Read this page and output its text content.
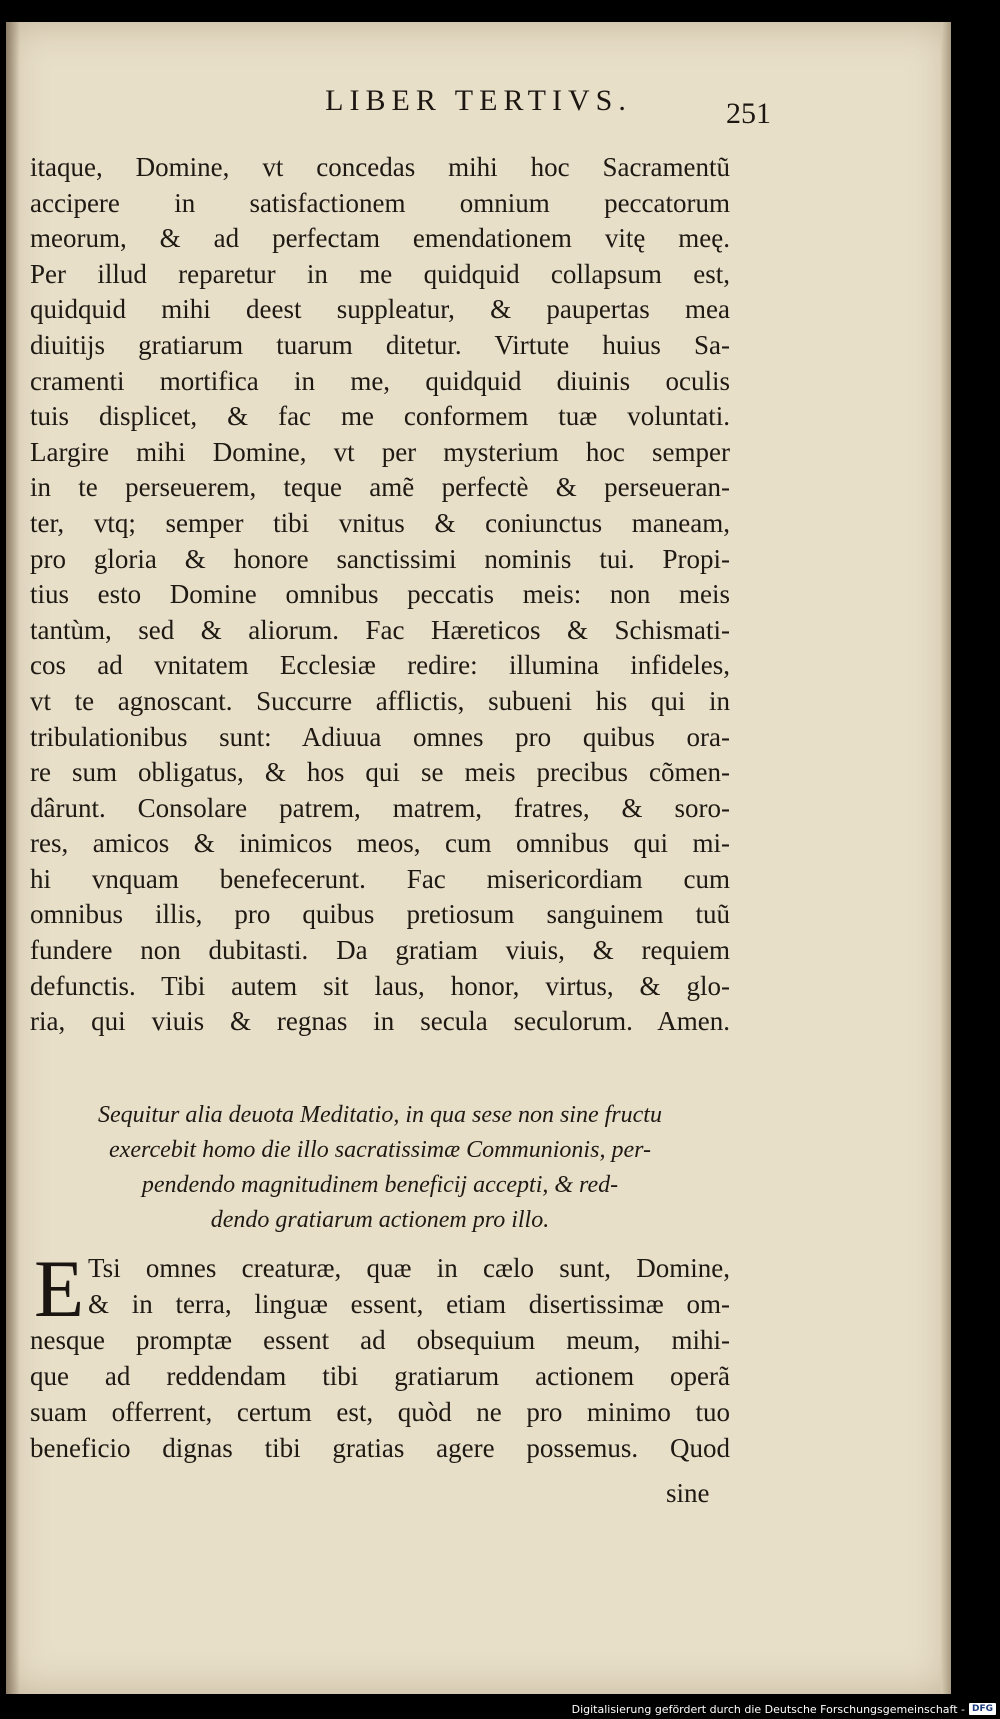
LIBER TERTIVS.	251
itaque, Domine, vt concedas mihi hoc Sacramentũ
accipere in satisfactionem omnium peccatorum
meorum, & ad perfectam emendationem vitę meę.
Per illud reparetur in me quidquid collapsum est,
quidquid mihi deest suppleatur, & paupertas mea
diuitijs gratiarum tuarum ditetur. Virtute huius Sa-
cramenti mortifica in me, quidquid diuinis oculis
tuis displicet, & fac me conformem tuæ voluntati.
Largire mihi Domine, vt per mysterium hoc semper
in te perseuerem, teque amẽ perfectè & perseueran-
ter, vtq; semper tibi vnitus & coniunctus maneam,
pro gloria & honore sanctissimi nominis tui. Propi-
tius esto Domine omnibus peccatis meis: non meis
tantùm, sed & aliorum. Fac Hæreticos & Schismati-
cos ad vnitatem Ecclesiæ redire: illumina infideles,
vt te agnoscant. Succurre afflictis, subueni his qui in
tribulationibus sunt: Adiuua omnes pro quibus ora-
re sum obligatus, & hos qui se meis precibus cõmen-
dârunt. Consolare patrem, matrem, fratres, & soro-
res, amicos & inimicos meos, cum omnibus qui mi-
hi vnquam benefecerunt. Fac misericordiam cum
omnibus illis, pro quibus pretiosum sanguinem tuũ
fundere non dubitasti. Da gratiam viuis, & requiem
defunctis. Tibi autem sit laus, honor, virtus, & glo-
ria, qui viuis & regnas in secula seculorum. Amen.
Sequitur alia deuota Meditatio, in qua sese non sine fructu
exercebit homo die illo sacratissimæ Communionis, per-
pendendo magnitudinem beneficij accepti, & red-
dendo gratiarum actionem pro illo.
E Tsi omnes creaturæ, quæ in cælo sunt, Domine,
& in terra, linguæ essent, etiam disertissimæ om-
nesque promptæ essent ad obsequium meum, mihi-
que ad reddendam tibi gratiarum actionem operã
suam offerrent, certum est, quòd ne pro minimo tuo
beneficio dignas tibi gratias agere possemus. Quod
sine
Digitalisierung gefördert durch die Deutsche Forschungsgemeinschaft - DFG
